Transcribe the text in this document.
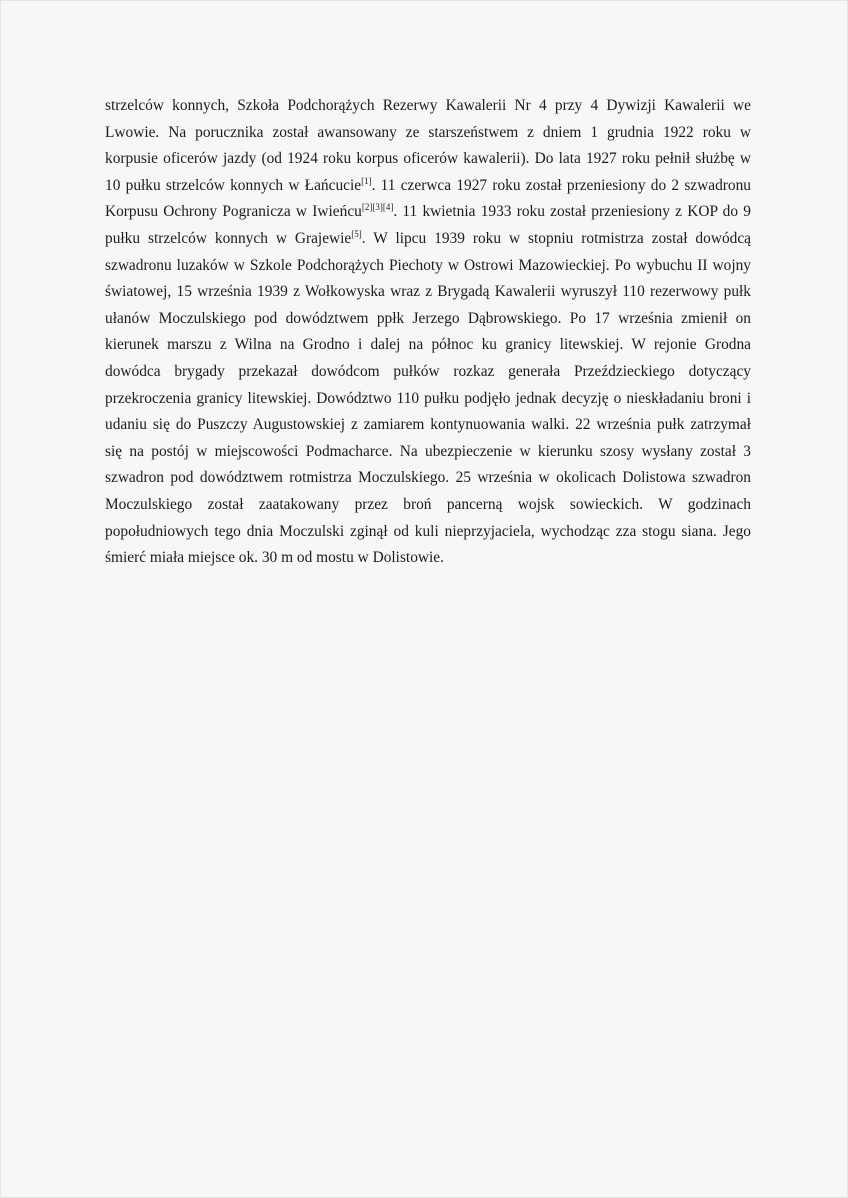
strzelców konnych, Szkoła Podchorążych Rezerwy Kawalerii Nr 4 przy 4 Dywizji Kawalerii we
Lwowie. Na porucznika został awansowany ze starszeństwem z dniem 1 grudnia 1922 roku w
korpusie oficerów jazdy (od 1924 roku korpus oficerów kawalerii). Do lata 1927 roku pełnił służbę w
10 pułku strzelców konnych w Łańcucie[1]. 11 czerwca 1927 roku został przeniesiony do 2 szwadronu
Korpusu Ochrony Pogranicza w Iwieńcu[2][3][4]. 11 kwietnia 1933 roku został przeniesiony z KOP do 9
pułku strzelców konnych w Grajewie[5]. W lipcu 1939 roku w stopniu rotmistrza został dowódcą
szwadronu luzaków w Szkole Podchorążych Piechoty w Ostrowi Mazowieckiej. Po wybuchu II wojny
światowej, 15 września 1939 z Wołkowyska wraz z Brygadą Kawalerii wyruszył 110 rezerwowy pułk
ułanów Moczulskiego pod dowództwem ppłk Jerzego Dąbrowskiego. Po 17 września zmienił on
kierunek marszu z Wilna na Grodno i dalej na północ ku granicy litewskiej. W rejonie Grodna
dowódca brygady przekazał dowódcom pułków rozkaz generała Przeździeckiego dotyczący
przekroczenia granicy litewskiej. Dowództwo 110 pułku podjęło jednak decyzję o nieskładaniu broni i
udaniu się do Puszczy Augustowskiej z zamiarem kontynuowania walki. 22 września pułk zatrzymał
się na postój w miejscowości Podmacharce. Na ubezpieczenie w kierunku szosy wysłany został 3
szwadron pod dowództwem rotmistrza Moczulskiego. 25 września w okolicach Dolistowa szwadron
Moczulskiego został zaatakowany przez broń pancerną wojsk sowieckich. W godzinach
popołudniowych tego dnia Moczulski zginął od kuli nieprzyjaciela, wychodząc zza stogu siana. Jego
śmierć miała miejsce ok. 30 m od mostu w Dolistowie.
